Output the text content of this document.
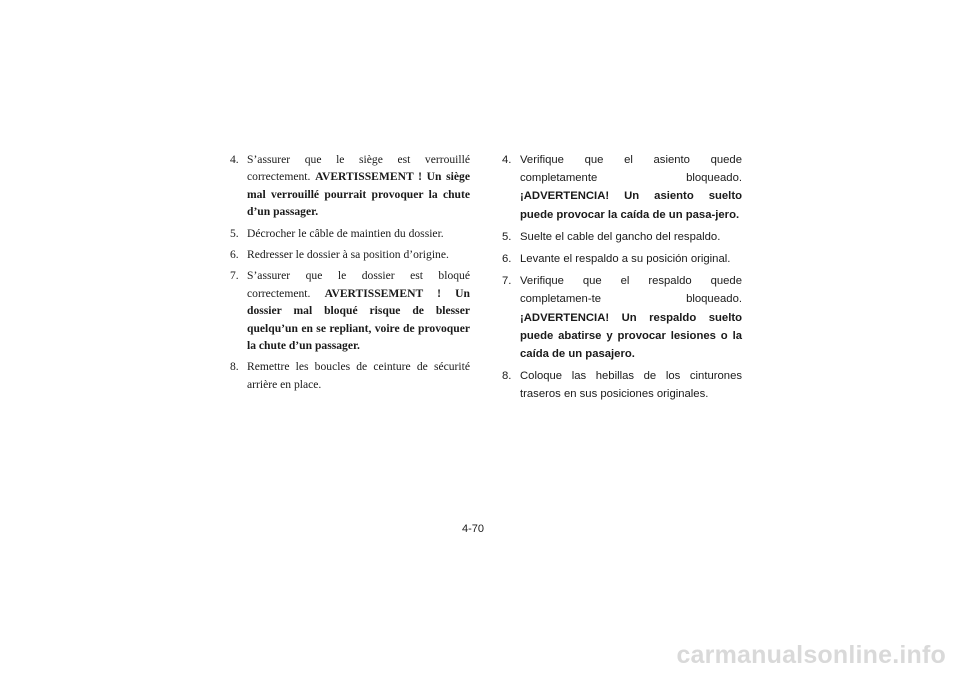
4. S’assurer que le siège est verrouillé correctement. AVERTISSEMENT ! Un siège mal verrouillé pourrait provoquer la chute d’un passager.
5. Décrocher le câble de maintien du dossier.
6. Redresser le dossier à sa position d’origine.
7. S’assurer que le dossier est bloqué correctement. AVERTISSEMENT ! Un dossier mal bloqué risque de blesser quelqu’un en se repliant, voire de provoquer la chute d’un passager.
8. Remettre les boucles de ceinture de sécurité arrière en place.
4. Verifique que el asiento quede completamente bloqueado. ¡ADVERTENCIA! Un asiento suelto puede provocar la caída de un pasa-jero.
5. Suelte el cable del gancho del respaldo.
6. Levante el respaldo a su posición original.
7. Verifique que el respaldo quede completamen-te bloqueado. ¡ADVERTENCIA! Un respaldo suelto puede abatirse y provocar lesiones o la caída de un pasajero.
8. Coloque las hebillas de los cinturones traseros en sus posiciones originales.
4-70
carmanualsonline.info
